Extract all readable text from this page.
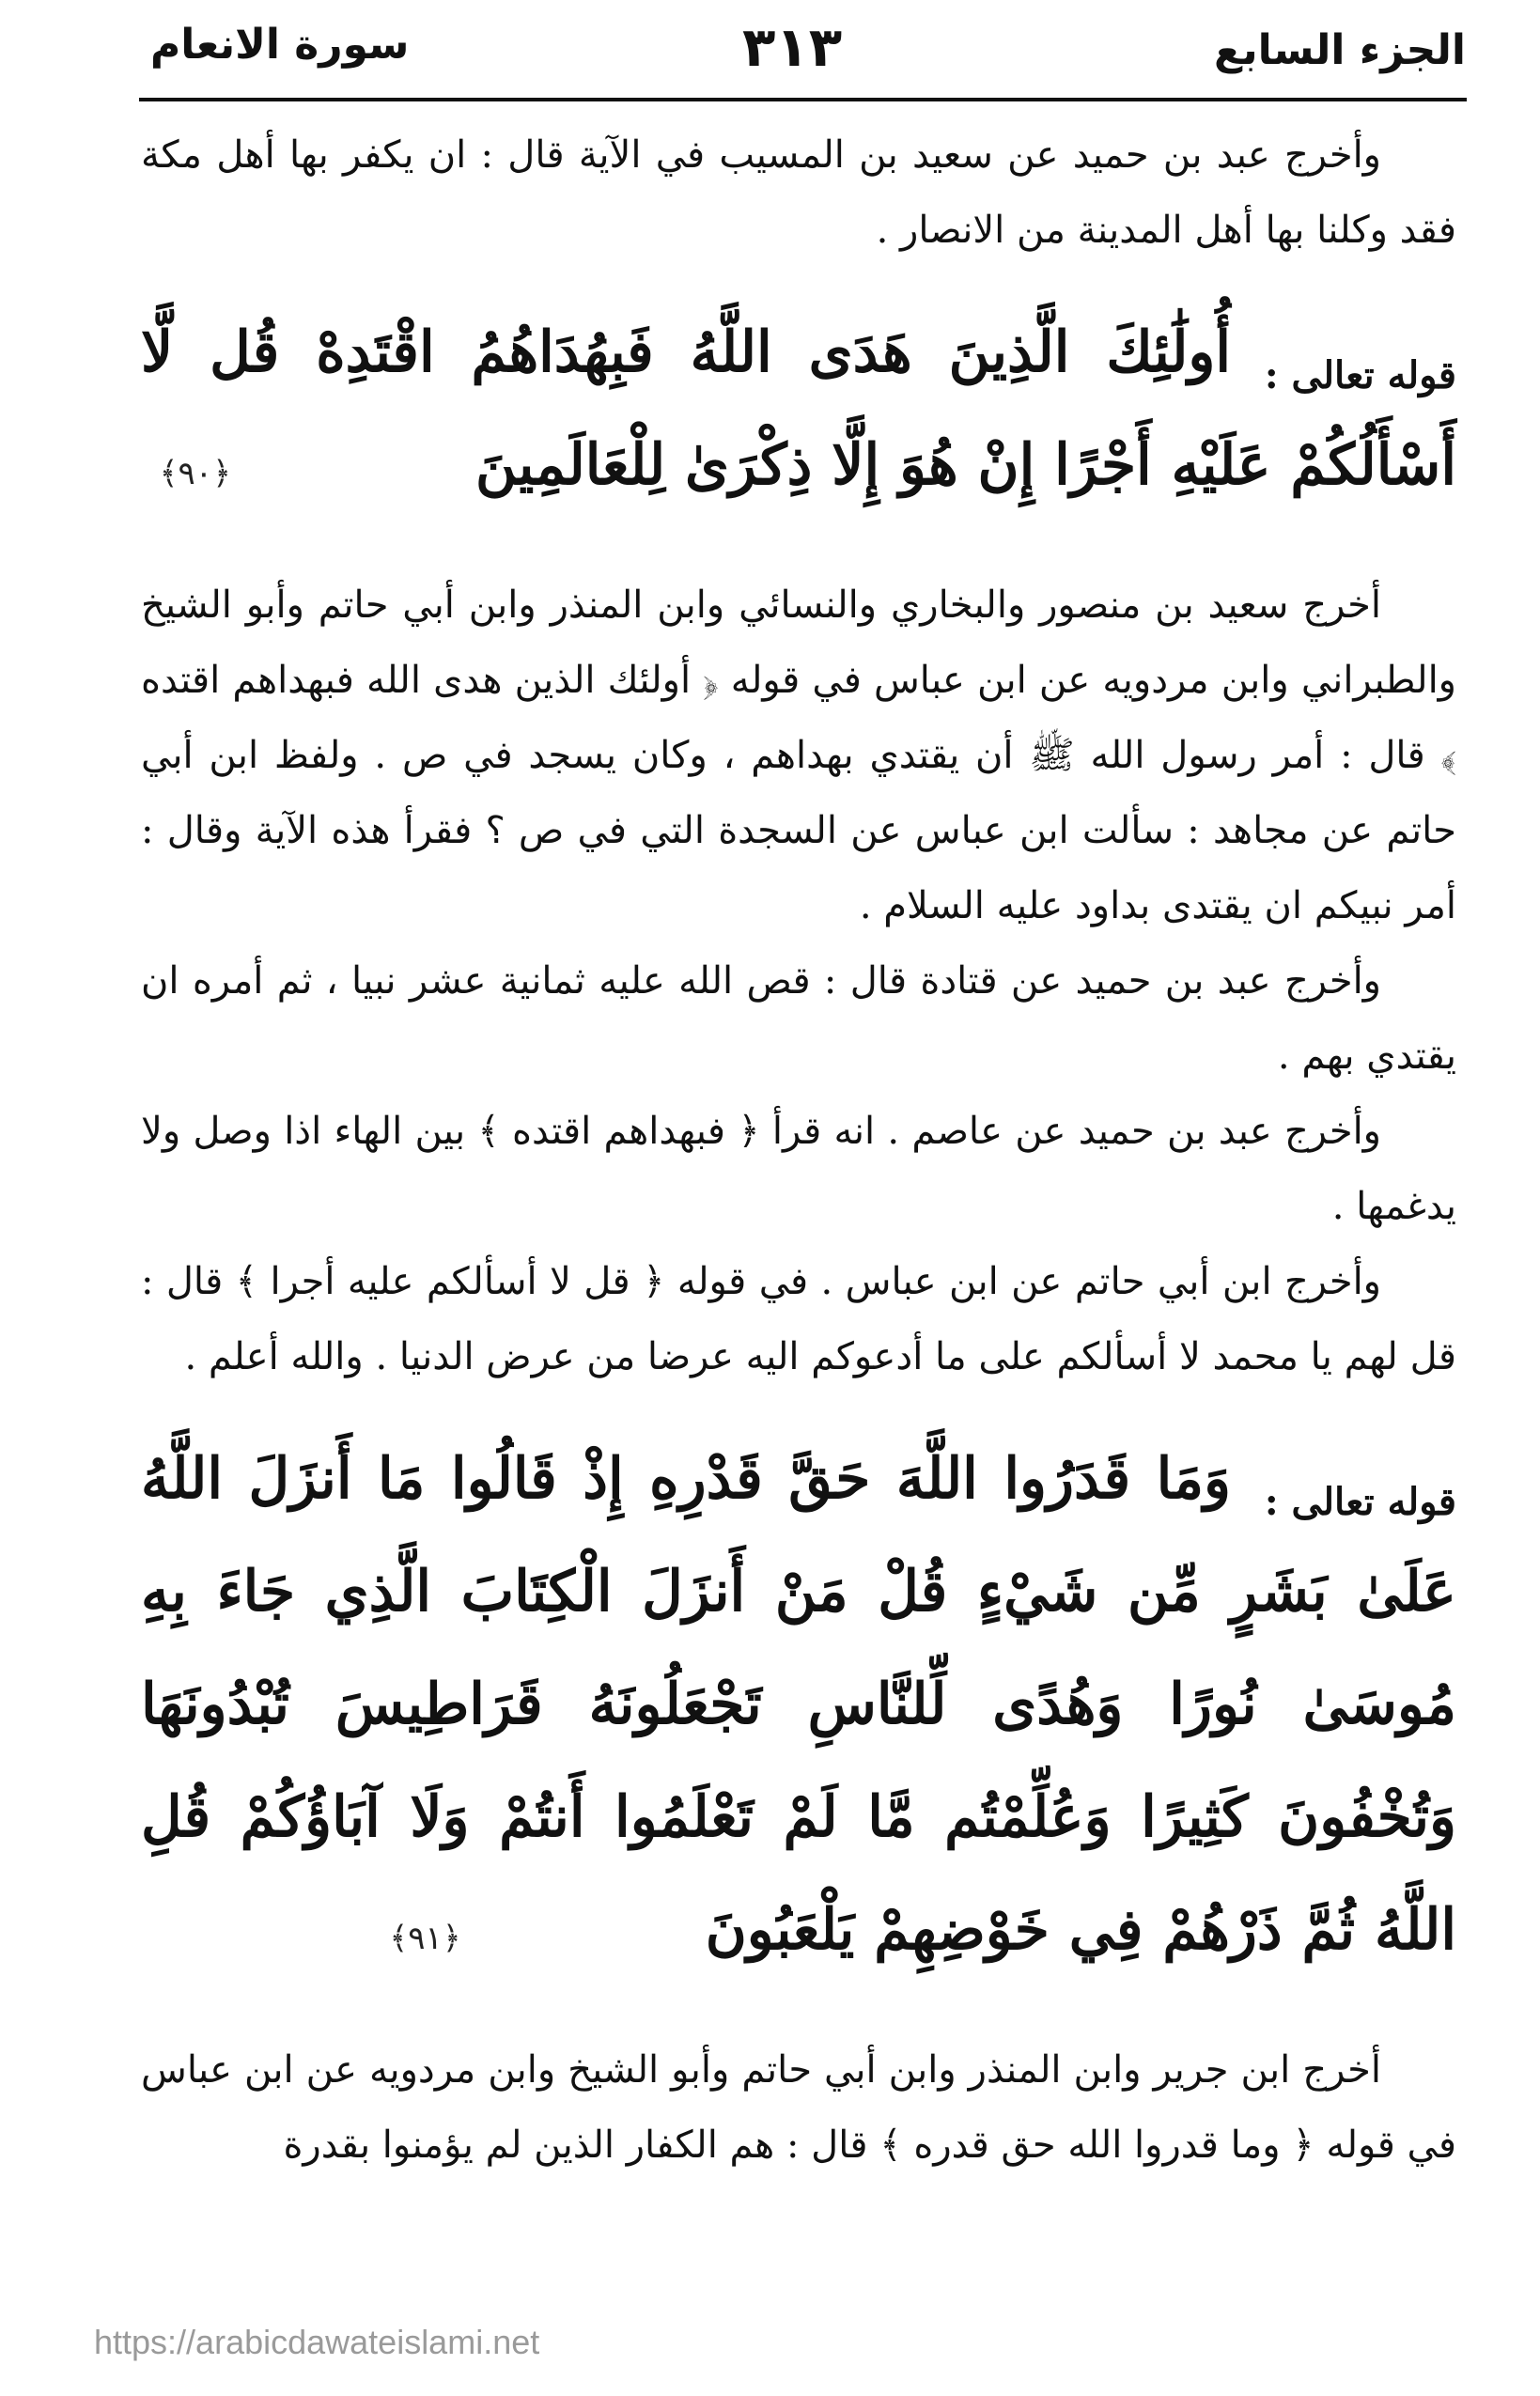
الجزء السابع
٣١٣
سورة الانعام

وأخرج عبد بن حميد عن سعيد بن المسيب في الآية قال : ان يكفر بها أهل مكة فقد وكلنا بها أهل المدينة من الانصار .

قوله تعالى :

أُولَٰئِكَ الَّذِينَ هَدَى اللَّهُ فَبِهُدَاهُمُ اقْتَدِهْ قُل لَّا أَسْأَلُكُمْ عَلَيْهِ أَجْرًا إِنْ هُوَ إِلَّا ذِكْرَىٰ لِلْعَالَمِينَ﴿٩٠﴾

أخرج سعيد بن منصور والبخاري والنسائي وابن المنذر وابن أبي حاتم وأبو الشيخ والطبراني وابن مردويه عن ابن عباس في قوله ﴿ أولئك الذين هدى الله فبهداهم اقتده ﴾ قال : أمر رسول الله ﷺ أن يقتدي بهداهم ، وكان يسجد في ص . ولفظ ابن أبي حاتم عن مجاهد : سألت ابن عباس عن السجدة التي في ص ؟ فقرأ هذه الآية وقال : أمر نبيكم ان يقتدى بداود عليه السلام .

وأخرج عبد بن حميد عن قتادة قال : قص الله عليه ثمانية عشر نبيا ، ثم أمره ان يقتدي بهم .

وأخرج عبد بن حميد عن عاصم . انه قرأ ﴿ فبهداهم اقتده ﴾ بين الهاء اذا وصل ولا يدغمها .

وأخرج ابن أبي حاتم عن ابن عباس . في قوله ﴿ قل لا أسألكم عليه أجرا ﴾ قال : قل لهم يا محمد لا أسألكم على ما أدعوكم اليه عرضا من عرض الدنيا . والله أعلم .

قوله تعالى :

وَمَا قَدَرُوا اللَّهَ حَقَّ قَدْرِهِ إِذْ قَالُوا مَا أَنزَلَ اللَّهُ عَلَىٰ بَشَرٍ مِّن شَيْءٍ قُلْ مَنْ أَنزَلَ الْكِتَابَ الَّذِي جَاءَ بِهِ مُوسَىٰ نُورًا وَهُدًى لِّلنَّاسِ تَجْعَلُونَهُ قَرَاطِيسَ تُبْدُونَهَا وَتُخْفُونَ كَثِيرًا وَعُلِّمْتُم مَّا لَمْ تَعْلَمُوا أَنتُمْ وَلَا آبَاؤُكُمْ قُلِ اللَّهُ ثُمَّ ذَرْهُمْ فِي خَوْضِهِمْ يَلْعَبُونَ﴿٩١﴾

أخرج ابن جرير وابن المنذر وابن أبي حاتم وأبو الشيخ وابن مردويه عن ابن عباس في قوله ﴿ وما قدروا الله حق قدره ﴾ قال : هم الكفار الذين لم يؤمنوا بقدرة

https://arabicdawateislami.net
